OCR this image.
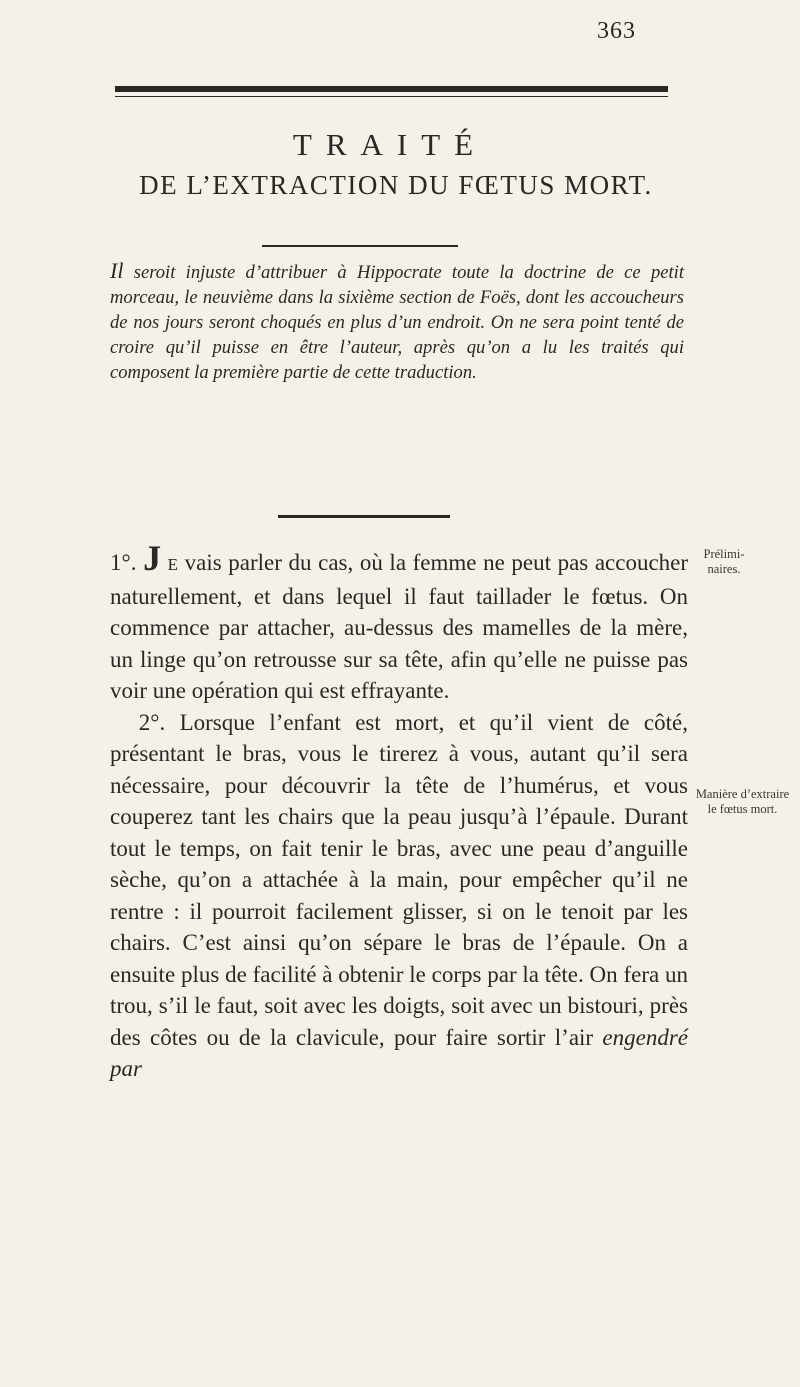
363
TRAITÉ
DE L’EXTRACTION DU FŒTUS MORT.
Il seroit injuste d’attribuer à Hippocrate toute la doctrine de ce petit morceau, le neuvième dans la sixième section de Foës, dont les accoucheurs de nos jours seront choqués en plus d’un endroit. On ne sera point tenté de croire qu’il puisse en être l’auteur, après qu’on a lu les traités qui composent la première partie de cette traduction.

1°. J E vais parler du cas, où la femme ne peut pas accoucher naturellement, et dans lequel il faut taillader le fœtus. On commence par attacher, au-dessus des mamelles de la mère, un linge qu’on retrousse sur sa tête, afin qu’elle ne puisse pas voir une opération qui est effrayante.

2°. Lorsque l’enfant est mort, et qu’il vient de côté, présentant le bras, vous le tirerez à vous, autant qu’il sera nécessaire, pour découvrir la tête de l’humérus, et vous couperez tant les chairs que la peau jusqu’à l’épaule. Durant tout le temps, on fait tenir le bras, avec une peau d’anguille sèche, qu’on a attachée à la main, pour empêcher qu’il ne rentre : il pourroit facilement glisser, si on le tenoit par les chairs. C’est ainsi qu’on sépare le bras de l’épaule. On a ensuite plus de facilité à obtenir le corps par la tête. On fera un trou, s’il le faut, soit avec les doigts, soit avec un bistouri, près des côtes ou de la clavicule, pour faire sortir l’air engendré par

Prélimi-naires.
Manière d’extraire le fœtus mort.
